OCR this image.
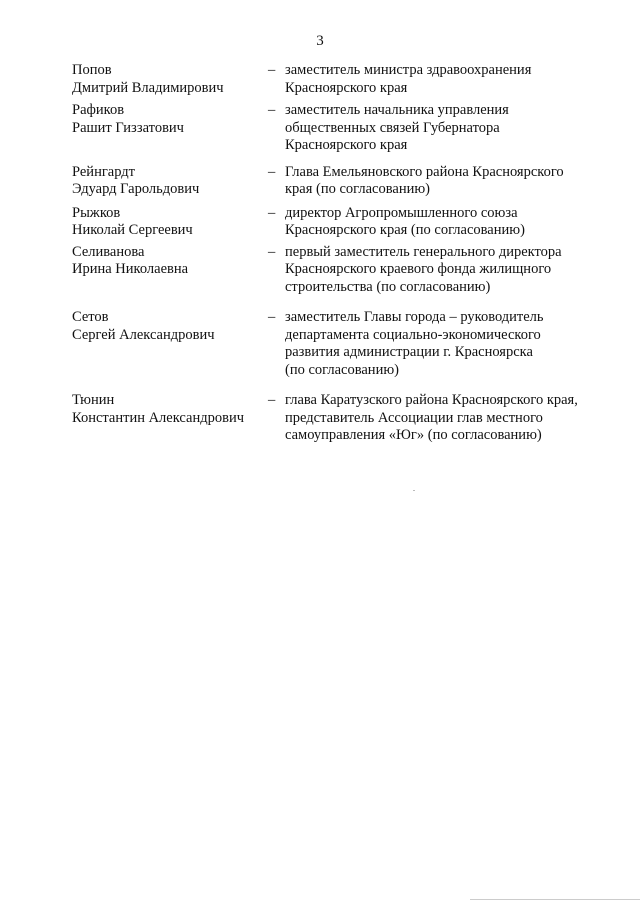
3
Попов
Дмитрий Владимирович
– заместитель министра здравоохранения
Красноярского края
Рафиков
Рашит Гиззатович
– заместитель начальника управления
общественных связей Губернатора
Красноярского края
Рейнгардт
Эдуард Гарольдович
– Глава Емельяновского района Красноярского
края (по согласованию)
Рыжков
Николай Сергеевич
– директор Агропромышленного союза
Красноярского края (по согласованию)
Селиванова
Ирина Николаевна
– первый заместитель генерального директора
Красноярского краевого фонда жилищного
строительства (по согласованию)
Сетов
Сергей Александрович
– заместитель Главы города – руководитель
департамента социально-экономического
развития администрации г. Красноярска
(по согласованию)
Тюнин
Константин Александрович
– глава Каратузского района Красноярского края,
представитель Ассоциации глав местного
самоуправления «Юг» (по согласованию)
